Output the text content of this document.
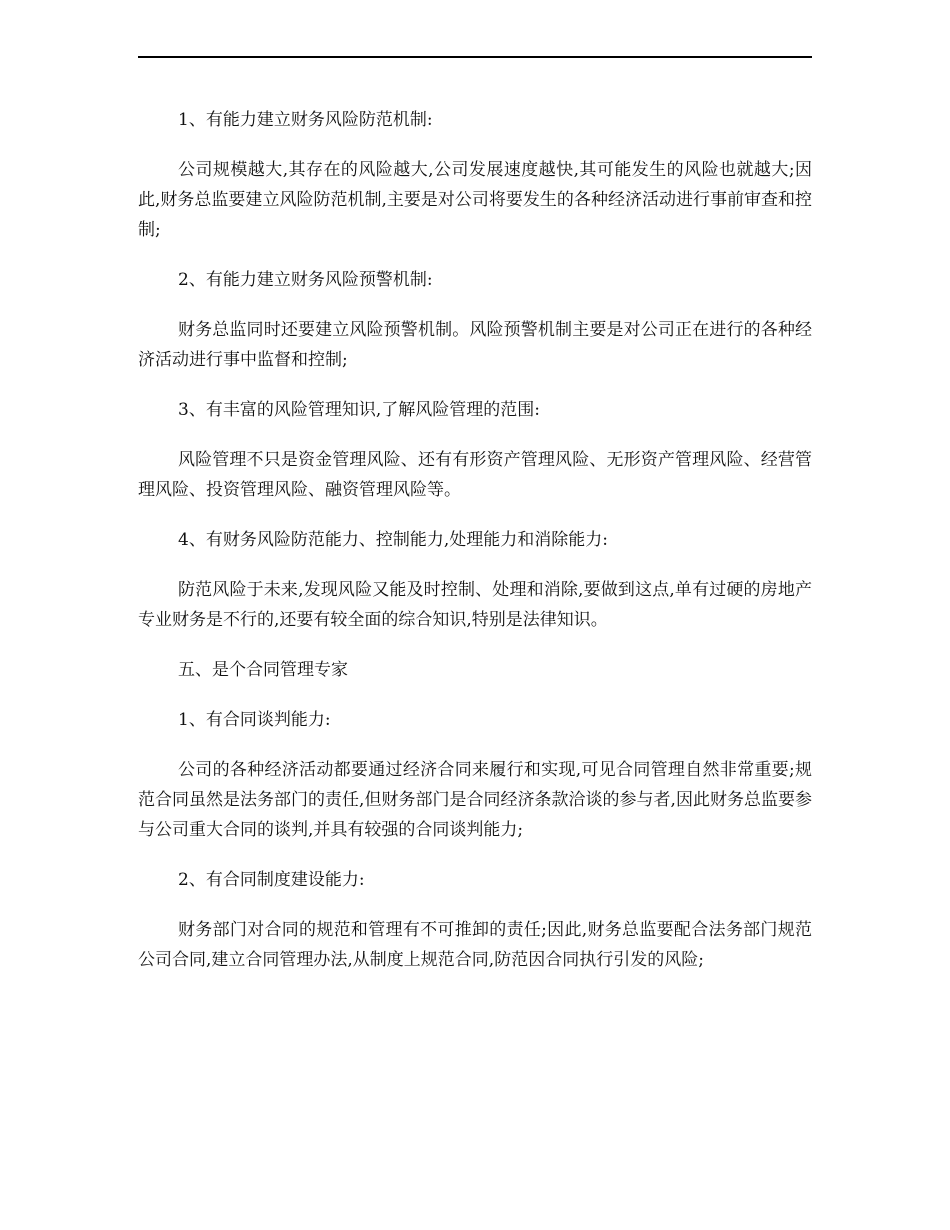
1、有能力建立财务风险防范机制:

公司规模越大,其存在的风险越大,公司发展速度越快,其可能发生的风险也就越大;因此,财务总监要建立风险防范机制,主要是对公司将要发生的各种经济活动进行事前审查和控制;

2、有能力建立财务风险预警机制:

财务总监同时还要建立风险预警机制。风险预警机制主要是对公司正在进行的各种经济活动进行事中监督和控制;

3、有丰富的风险管理知识,了解风险管理的范围:

风险管理不只是资金管理风险、还有有形资产管理风险、无形资产管理风险、经营管理风险、投资管理风险、融资管理风险等。

4、有财务风险防范能力、控制能力,处理能力和消除能力:

防范风险于未来,发现风险又能及时控制、处理和消除,要做到这点,单有过硬的房地产专业财务是不行的,还要有较全面的综合知识,特别是法律知识。

五、是个合同管理专家

1、有合同谈判能力:

公司的各种经济活动都要通过经济合同来履行和实现,可见合同管理自然非常重要;规范合同虽然是法务部门的责任,但财务部门是合同经济条款洽谈的参与者,因此财务总监要参与公司重大合同的谈判,并具有较强的合同谈判能力;

2、有合同制度建设能力:

财务部门对合同的规范和管理有不可推卸的责任;因此,财务总监要配合法务部门规范公司合同,建立合同管理办法,从制度上规范合同,防范因合同执行引发的风险;
